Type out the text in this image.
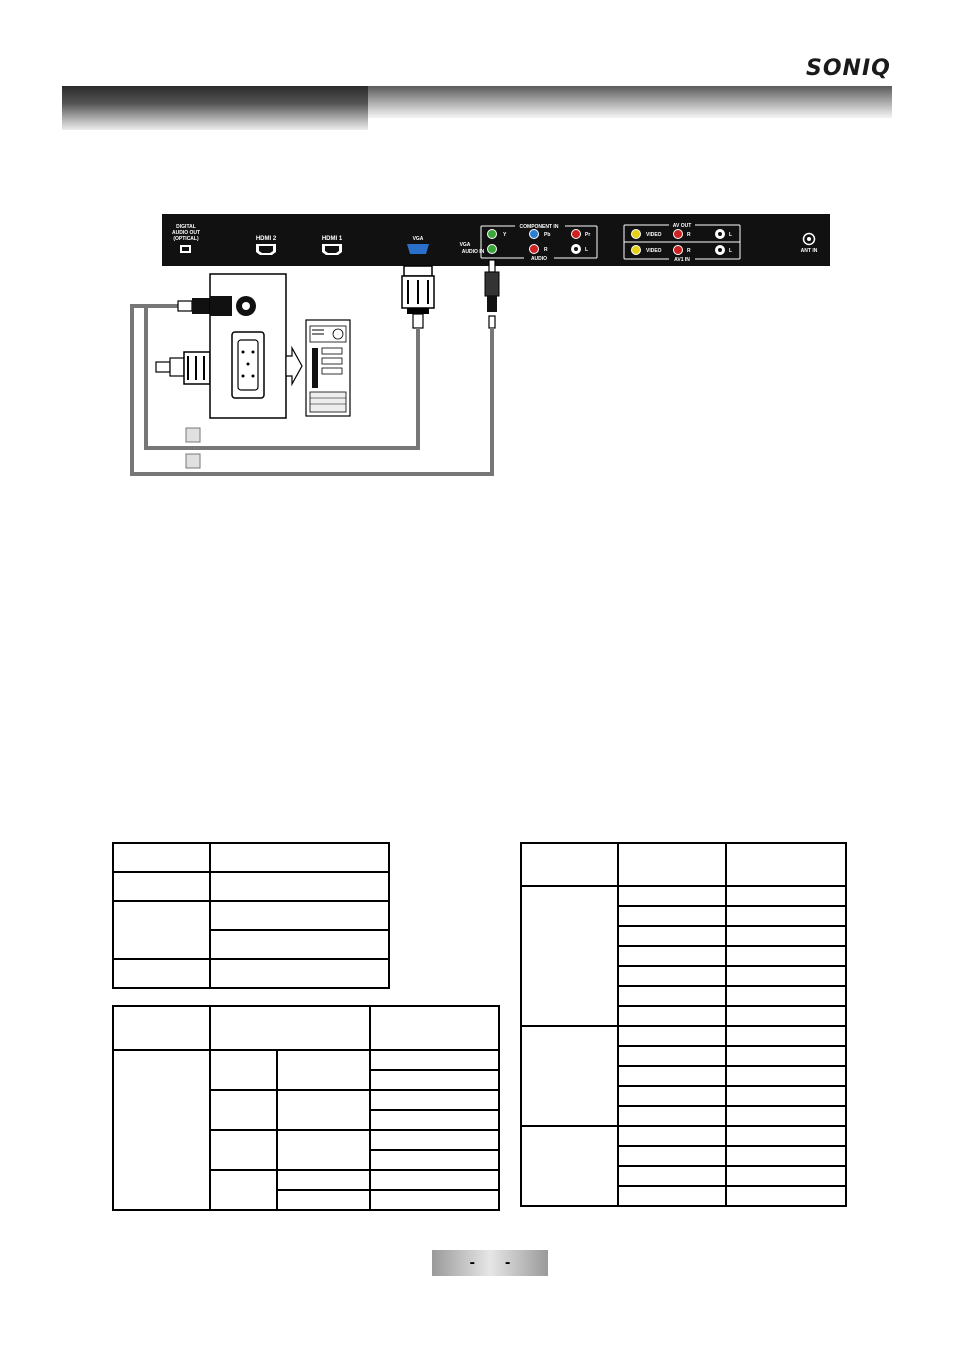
SONIQ
DIGITAL
AUDIO OUT
(OPTICAL)	HDMI 2	HDMI 1	VGA
VGA
AUDIO IN
COMPONENT IN
Y	Pb	Pr
R	L
AUDIO
AV OUT
VIDEO	R	L
VIDEO	R	L
AV1 IN
ANT IN

- -
